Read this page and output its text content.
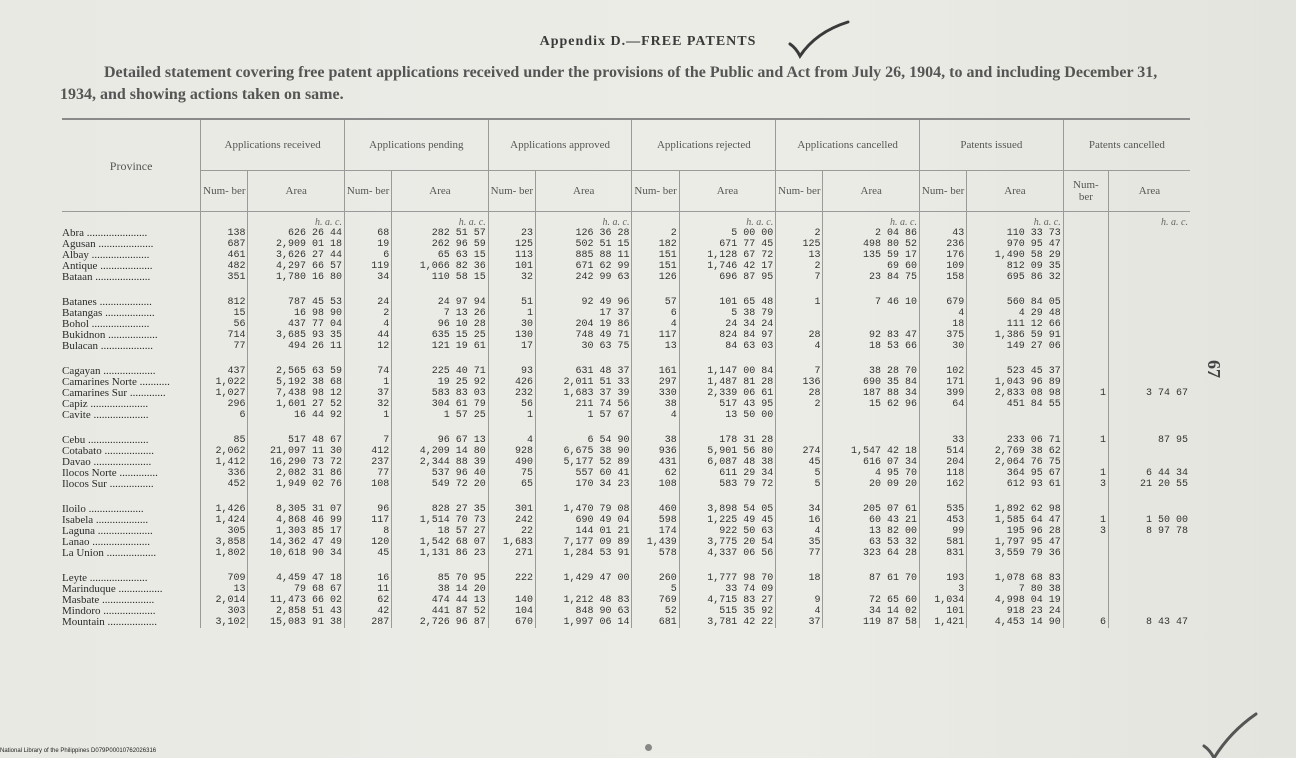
Appendix D.—FREE PATENTS
Detailed statement covering free patent applications received under the provisions of the Public and Act from July 26, 1904, to and including December 31, 1934, and showing actions taken on same.
Province	Applications received		Applications pending		Applications approved		Applications rejected		Applications cancelled		Patents issued		Patents cancelled	
	Num- ber	Area	Num- ber	Area	Num- ber	Area	Num- ber	Area	Num- ber	Area	Num- ber	Area	Num- ber	Area
		h. a. c.		h. a. c.		h. a. c.		h. a. c.		h. a. c.		h. a. c.		h. a. c.
Abra ......................	138	626 26 44	68	282 51 57	23	126 36 28	2	5 00 00	2	2 04 86	43	110 33 73		
Agusan ....................	687	2,909 01 18	19	262 96 59	125	502 51 15	182	671 77 45	125	498 80 52	236	970 95 47		
Albay .....................	461	3,626 27 44	6	65 63 15	113	885 88 11	151	1,128 67 72	13	135 59 17	176	1,490 58 29		
Antique ...................	482	4,297 66 57	119	1,066 82 36	101	671 62 99	151	1,746 42 17	2	69 60	109	812 09 35		
Bataan ....................	351	1,780 16 80	34	110 58 15	32	242 99 63	126	696 87 95	7	23 84 75	158	695 86 32		

Batanes ...................	812	787 45 53	24	24 97 94	51	92 49 96	57	101 65 48	1	7 46 10	679	560 84 05		
Batangas ..................	15	16 98 90	2	7 13 26	1	17 37	6	5 38 79			4	4 29 48		
Bohol .....................	56	437 77 04	4	96 10 28	30	204 19 86	4	24 34 24			18	111 12 66		
Bukidnon ..................	714	3,685 93 35	44	635 15 25	130	748 49 71	117	824 84 97	28	92 83 47	375	1,386 59 91		
Bulacan ...................	77	494 26 11	12	121 19 61	17	30 63 75	13	84 63 03	4	18 53 66	30	149 27 06		

Cagayan ...................	437	2,565 63 59	74	225 40 71	93	631 48 37	161	1,147 00 84	7	38 28 70	102	523 45 37		
Camarines Norte ...........	1,022	5,192 38 68	1	19 25 92	426	2,011 51 33	297	1,487 81 28	136	690 35 84	171	1,043 96 89		
Camarines Sur .............	1,027	7,438 98 12	37	583 83 03	232	1,683 37 39	330	2,339 06 61	28	187 88 34	399	2,833 08 98	1	3 74 67
Capiz .....................	296	1,601 27 52	32	304 61 79	56	211 74 56	38	517 43 95	2	15 62 96	64	451 84 55		
Cavite ....................	6	16 44 92	1	1 57 25	1	1 57 67	4	13 50 00						

Cebu ......................	85	517 48 67	7	96 67 13	4	6 54 90	38	178 31 28			33	233 06 71	1	87 95
Cotabato ..................	2,062	21,097 11 30	412	4,209 14 80	928	6,675 38 90	936	5,901 56 80	274	1,547 42 18	514	2,769 38 62		
Davao .....................	1,412	16,290 73 72	237	2,344 88 39	490	5,177 52 89	431	6,087 48 38	45	616 07 34	204	2,064 76 75		
Ilocos Norte ..............	336	2,082 31 86	77	537 96 40	75	557 60 41	62	611 29 34	5	4 95 70	118	364 95 67	1	6 44 34
Ilocos Sur ................	452	1,949 02 76	108	549 72 20	65	170 34 23	108	583 79 72	5	20 09 20	162	612 93 61	3	21 20 55

Iloilo ....................	1,426	8,305 31 07	96	828 27 35	301	1,470 79 08	460	3,898 54 05	34	205 07 61	535	1,892 62 98		
Isabela ...................	1,424	4,868 46 99	117	1,514 70 73	242	690 49 04	598	1,225 49 45	16	60 43 21	453	1,585 64 47	1	1 50 00
Laguna ....................	305	1,303 85 17	8	18 57 27	22	144 01 21	174	922 50 63	4	13 82 00	99	195 96 28	3	8 97 78
Lanao .....................	3,858	14,362 47 49	120	1,542 68 07	1,683	7,177 09 89	1,439	3,775 20 54	35	63 53 32	581	1,797 95 47		
La Union ..................	1,802	10,618 90 34	45	1,131 86 23	271	1,284 53 91	578	4,337 06 56	77	323 64 28	831	3,559 79 36		

Leyte .....................	709	4,459 47 18	16	85 70 95	222	1,429 47 00	260	1,777 98 70	18	87 61 70	193	1,078 68 83		
Marinduque ................	13	79 68 67	11	38 14 20			5	33 74 09			3	7 80 38		
Masbate ...................	2,014	11,473 66 02	62	474 44 13	140	1,212 48 83	769	4,715 83 27	9	72 65 60	1,034	4,998 04 19		
Mindoro ...................	303	2,858 51 43	42	441 87 52	104	848 90 63	52	515 35 92	4	34 14 02	101	918 23 24		
Mountain ..................	3,102	15,083 91 38	287	2,726 96 87	670	1,997 06 14	681	3,781 42 22	37	119 87 58	1,421	4,453 14 90	6	8 43 47
67
National Library of the Philippines D079P00010762026316
